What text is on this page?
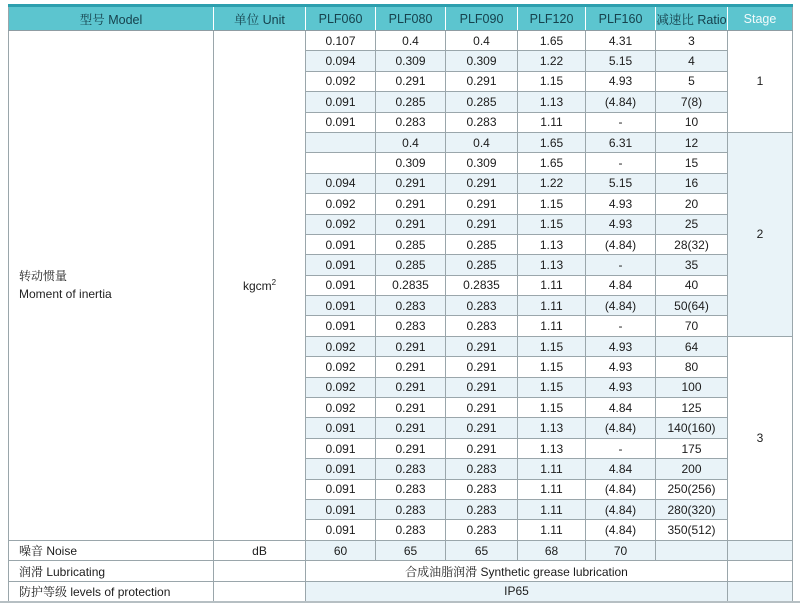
型号 Model	单位 Unit	PLF060	PLF080	PLF090	PLF120	PLF160	减速比 Ratio	Stage

转动惯量
Moment of inertia	kgcm$^2$	0.107	0.4	0.4	1.65	4.31	3	1
		0.094	0.309	0.309	1.22	5.15	4	
		0.092	0.291	0.291	1.15	4.93	5	
		0.091	0.285	0.285	1.13	(4.84)	7(8)	
		0.091	0.283	0.283	1.11	-	10	
			0.4	0.4	1.65	6.31	12	2
			0.309	0.309	1.65	-	15	
		0.094	0.291	0.291	1.22	5.15	16	
		0.092	0.291	0.291	1.15	4.93	20	
		0.092	0.291	0.291	1.15	4.93	25	
		0.091	0.285	0.285	1.13	(4.84)	28(32)	
		0.091	0.285	0.285	1.13	-	35	
		0.091	0.2835	0.2835	1.11	4.84	40	
		0.091	0.283	0.283	1.11	(4.84)	50(64)	
		0.091	0.283	0.283	1.11	-	70	
		0.092	0.291	0.291	1.15	4.93	64	3
		0.092	0.291	0.291	1.15	4.93	80	
		0.092	0.291	0.291	1.15	4.93	100	
		0.092	0.291	0.291	1.15	4.84	125	
		0.091	0.291	0.291	1.13	(4.84)	140(160)	
		0.091	0.291	0.291	1.13	-	175	
		0.091	0.283	0.283	1.11	4.84	200	
		0.091	0.283	0.283	1.11	(4.84)	250(256)	
		0.091	0.283	0.283	1.11	(4.84)	280(320)	
		0.091	0.283	0.283	1.11	(4.84)	350(512)	
噪音 Noise	dB	60	65	65	68	70		
润滑 Lubricating		合成油脂润滑 Synthetic grease lubrication						
防护等级 levels of protection		IP65						
